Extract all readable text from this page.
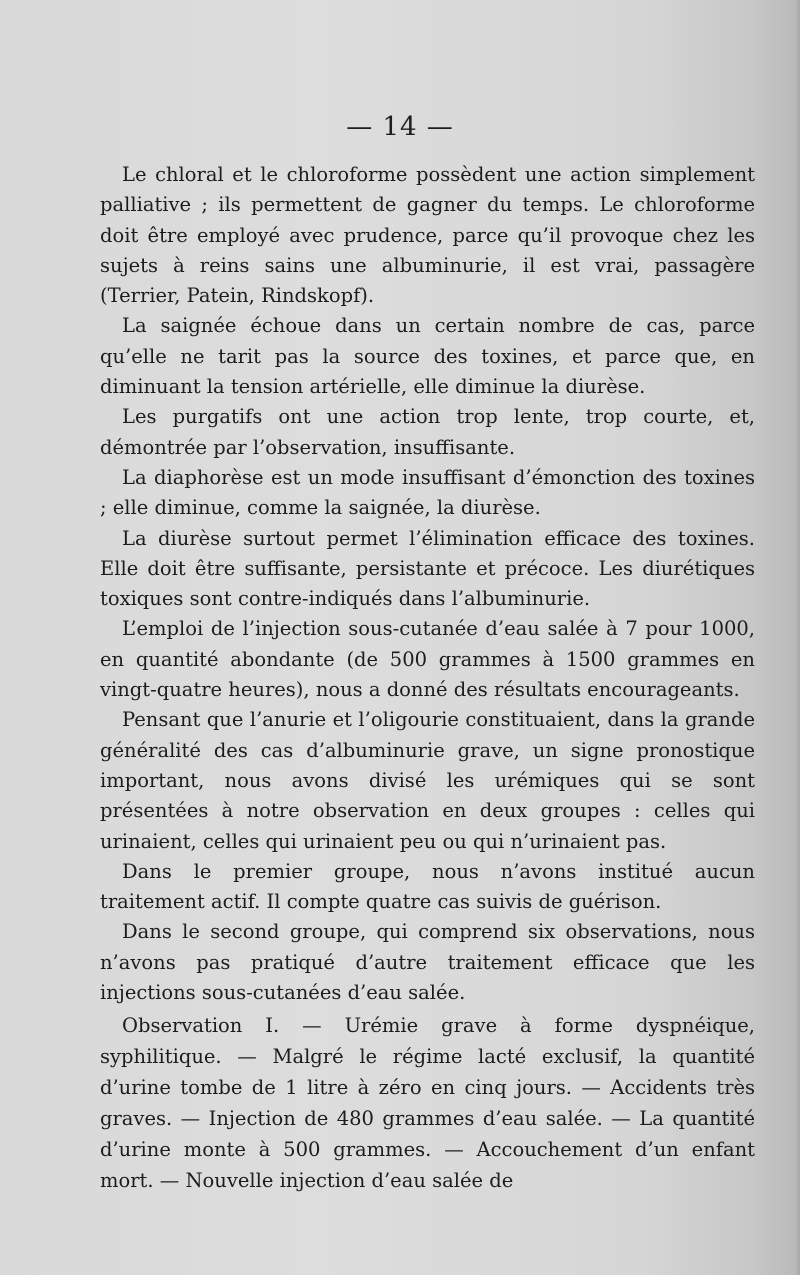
— 14 —

Le chloral et le chloroforme possèdent une action simplement palliative ; ils permettent de gagner du temps. Le chloroforme doit être employé avec prudence, parce qu’il provoque chez les sujets à reins sains une albuminurie, il est vrai, passagère (Terrier, Patein, Rindskopf).

La saignée échoue dans un certain nombre de cas, parce qu’elle ne tarit pas la source des toxines, et parce que, en diminuant la tension artérielle, elle diminue la diurèse.

Les purgatifs ont une action trop lente, trop courte, et, démontrée par l’observation, insuffisante.

La diaphorèse est un mode insuffisant d’émonction des toxines ; elle diminue, comme la saignée, la diurèse.

La diurèse surtout permet l’élimination efficace des toxines. Elle doit être suffisante, persistante et précoce. Les diurétiques toxiques sont contre-indiqués dans l’albuminurie.

L’emploi de l’injection sous-cutanée d’eau salée à 7 pour 1000, en quantité abondante (de 500 grammes à 1500 grammes en vingt-quatre heures), nous a donné des résultats encourageants.

Pensant que l’anurie et l’oligourie constituaient, dans la grande généralité des cas d’albuminurie grave, un signe pronostique important, nous avons divisé les urémiques qui se sont présentées à notre observation en deux groupes : celles qui urinaient, celles qui urinaient peu ou qui n’urinaient pas.

Dans le premier groupe, nous n’avons institué aucun traitement actif. Il compte quatre cas suivis de guérison.

Dans le second groupe, qui comprend six observations, nous n’avons pas pratiqué d’autre traitement efficace que les injections sous-cutanées d’eau salée.

Observation I. — Urémie grave à forme dyspnéique, syphilitique. — Malgré le régime lacté exclusif, la quantité d’urine tombe de 1 litre à zéro en cinq jours. — Accidents très graves. — Injection de 480 grammes d’eau salée. — La quantité d’urine monte à 500 grammes. — Accouchement d’un enfant mort. — Nouvelle injection d’eau salée de
